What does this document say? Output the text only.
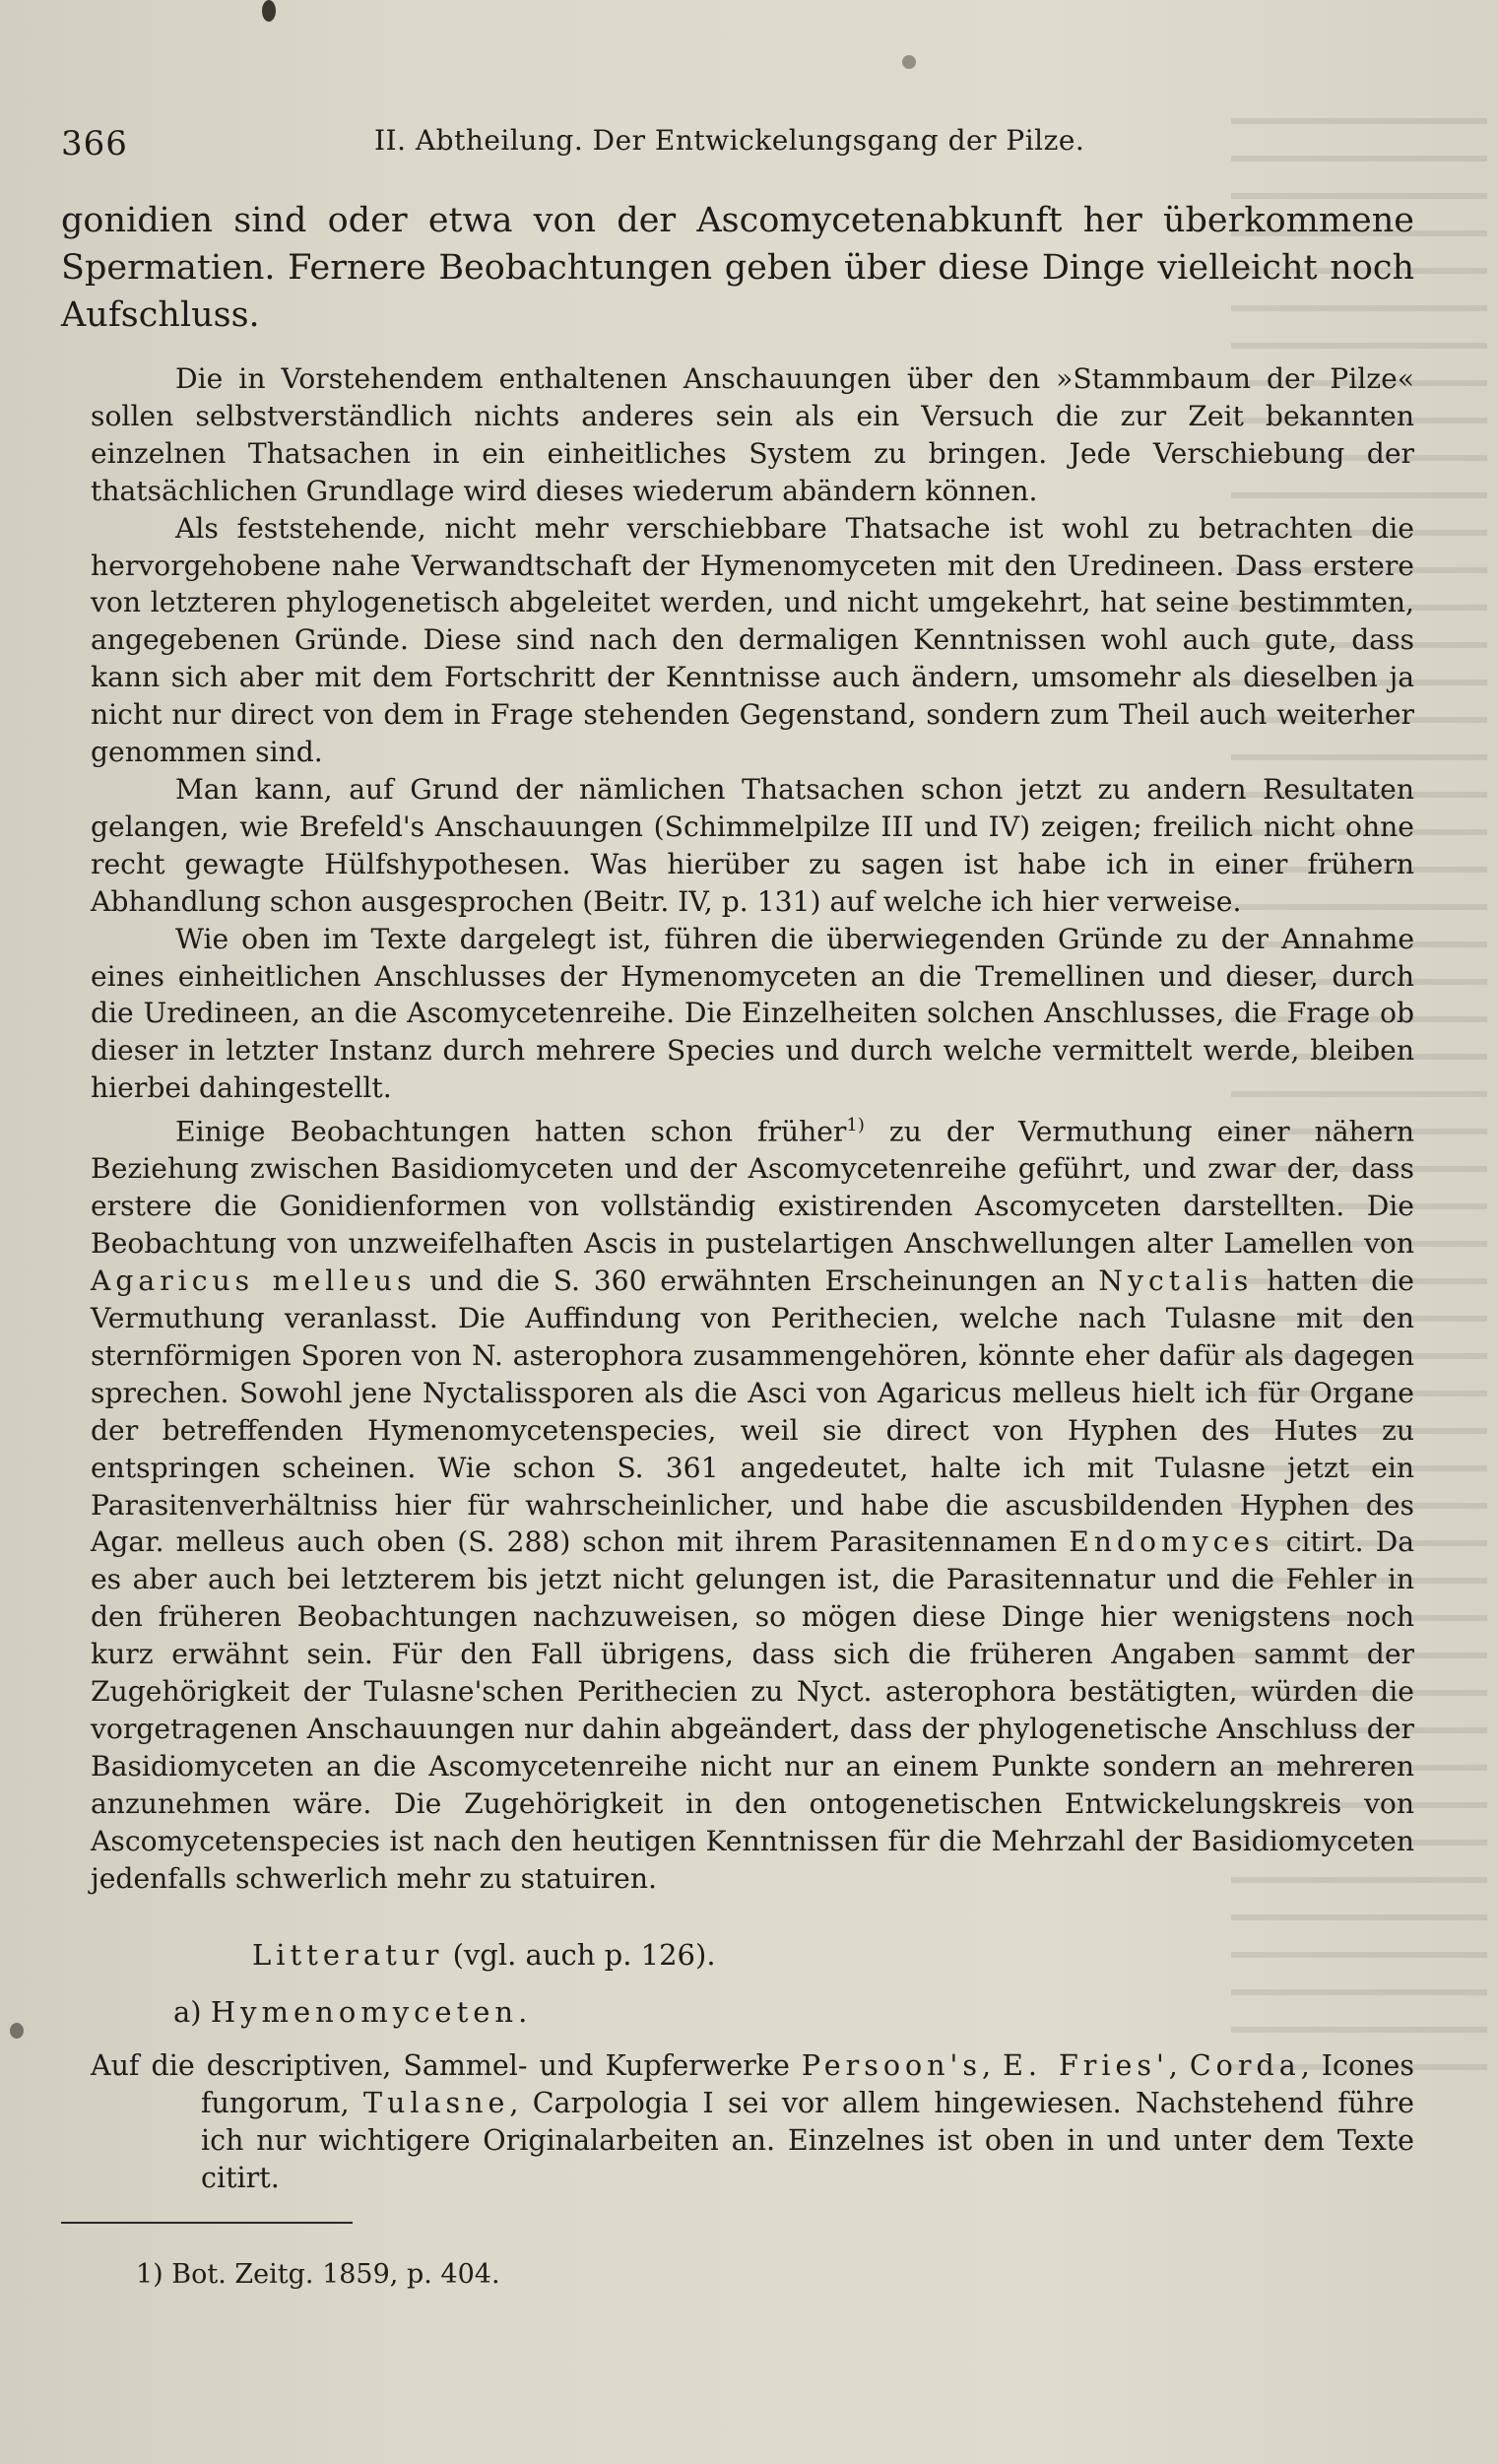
366	II. Abtheilung. Der Entwickelungsgang der Pilze.

gonidien sind oder etwa von der Ascomycetenabkunft her überkommene Spermatien. Fernere Beobachtungen geben über diese Dinge vielleicht noch Aufschluss.

Die in Vorstehendem enthaltenen Anschauungen über den »Stammbaum der Pilze« sollen selbstverständlich nichts anderes sein als ein Versuch die zur Zeit bekannten einzelnen Thatsachen in ein einheitliches System zu bringen. Jede Verschiebung der thatsächlichen Grundlage wird dieses wiederum abändern können.

Als feststehende, nicht mehr verschiebbare Thatsache ist wohl zu betrachten die hervorgehobene nahe Verwandtschaft der Hymenomyceten mit den Uredineen. Dass erstere von letzteren phylogenetisch abgeleitet werden, und nicht umgekehrt, hat seine bestimmten, angegebenen Gründe. Diese sind nach den dermaligen Kenntnissen wohl auch gute, dass kann sich aber mit dem Fortschritt der Kenntnisse auch ändern, umsomehr als dieselben ja nicht nur direct von dem in Frage stehenden Gegenstand, sondern zum Theil auch weiterher genommen sind.

Man kann, auf Grund der nämlichen Thatsachen schon jetzt zu andern Resultaten gelangen, wie Brefeld's Anschauungen (Schimmelpilze III und IV) zeigen; freilich nicht ohne recht gewagte Hülfshypothesen. Was hierüber zu sagen ist habe ich in einer frühern Abhandlung schon ausgesprochen (Beitr. IV, p. 131) auf welche ich hier verweise.

Wie oben im Texte dargelegt ist, führen die überwiegenden Gründe zu der Annahme eines einheitlichen Anschlusses der Hymenomyceten an die Tremellinen und dieser, durch die Uredineen, an die Ascomycetenreihe. Die Einzelheiten solchen Anschlusses, die Frage ob dieser in letzter Instanz durch mehrere Species und durch welche vermittelt werde, bleiben hierbei dahingestellt.

Einige Beobachtungen hatten schon früher$^{1)}$ zu der Vermuthung einer nähern Beziehung zwischen Basidiomyceten und der Ascomycetenreihe geführt, und zwar der, dass erstere die Gonidienformen von vollständig existirenden Ascomyceten darstellten. Die Beobachtung von unzweifelhaften Ascis in pustelartigen Anschwellungen alter Lamellen von Agaricus melleus und die S. 360 erwähnten Erscheinungen an Nyctalis hatten die Vermuthung veranlasst. Die Auffindung von Perithecien, welche nach Tulasne mit den sternförmigen Sporen von N. asterophora zusammengehören, könnte eher dafür als dagegen sprechen. Sowohl jene Nyctalissporen als die Asci von Agaricus melleus hielt ich für Organe der betreffenden Hymenomycetenspecies, weil sie direct von Hyphen des Hutes zu entspringen scheinen. Wie schon S. 361 angedeutet, halte ich mit Tulasne jetzt ein Parasitenverhältniss hier für wahrscheinlicher, und habe die ascusbildenden Hyphen des Agar. melleus auch oben (S. 288) schon mit ihrem Parasitennamen Endomyces citirt. Da es aber auch bei letzterem bis jetzt nicht gelungen ist, die Parasitennatur und die Fehler in den früheren Beobachtungen nachzuweisen, so mögen diese Dinge hier wenigstens noch kurz erwähnt sein. Für den Fall übrigens, dass sich die früheren Angaben sammt der Zugehörigkeit der Tulasne'schen Perithecien zu Nyct. asterophora bestätigten, würden die vorgetragenen Anschauungen nur dahin abgeändert, dass der phylogenetische Anschluss der Basidiomyceten an die Ascomycetenreihe nicht nur an einem Punkte sondern an mehreren anzunehmen wäre. Die Zugehörigkeit in den ontogenetischen Entwickelungskreis von Ascomycetenspecies ist nach den heutigen Kenntnissen für die Mehrzahl der Basidiomyceten jedenfalls schwerlich mehr zu statuiren.

Litteratur (vgl. auch p. 126).
a) Hymenomyceten.

Auf die descriptiven, Sammel- und Kupferwerke Persoon's, E. Fries', Corda, Icones fungorum, Tulasne, Carpologia I sei vor allem hingewiesen. Nachstehend führe ich nur wichtigere Originalarbeiten an. Einzelnes ist oben in und unter dem Texte citirt.

1) Bot. Zeitg. 1859, p. 404.
